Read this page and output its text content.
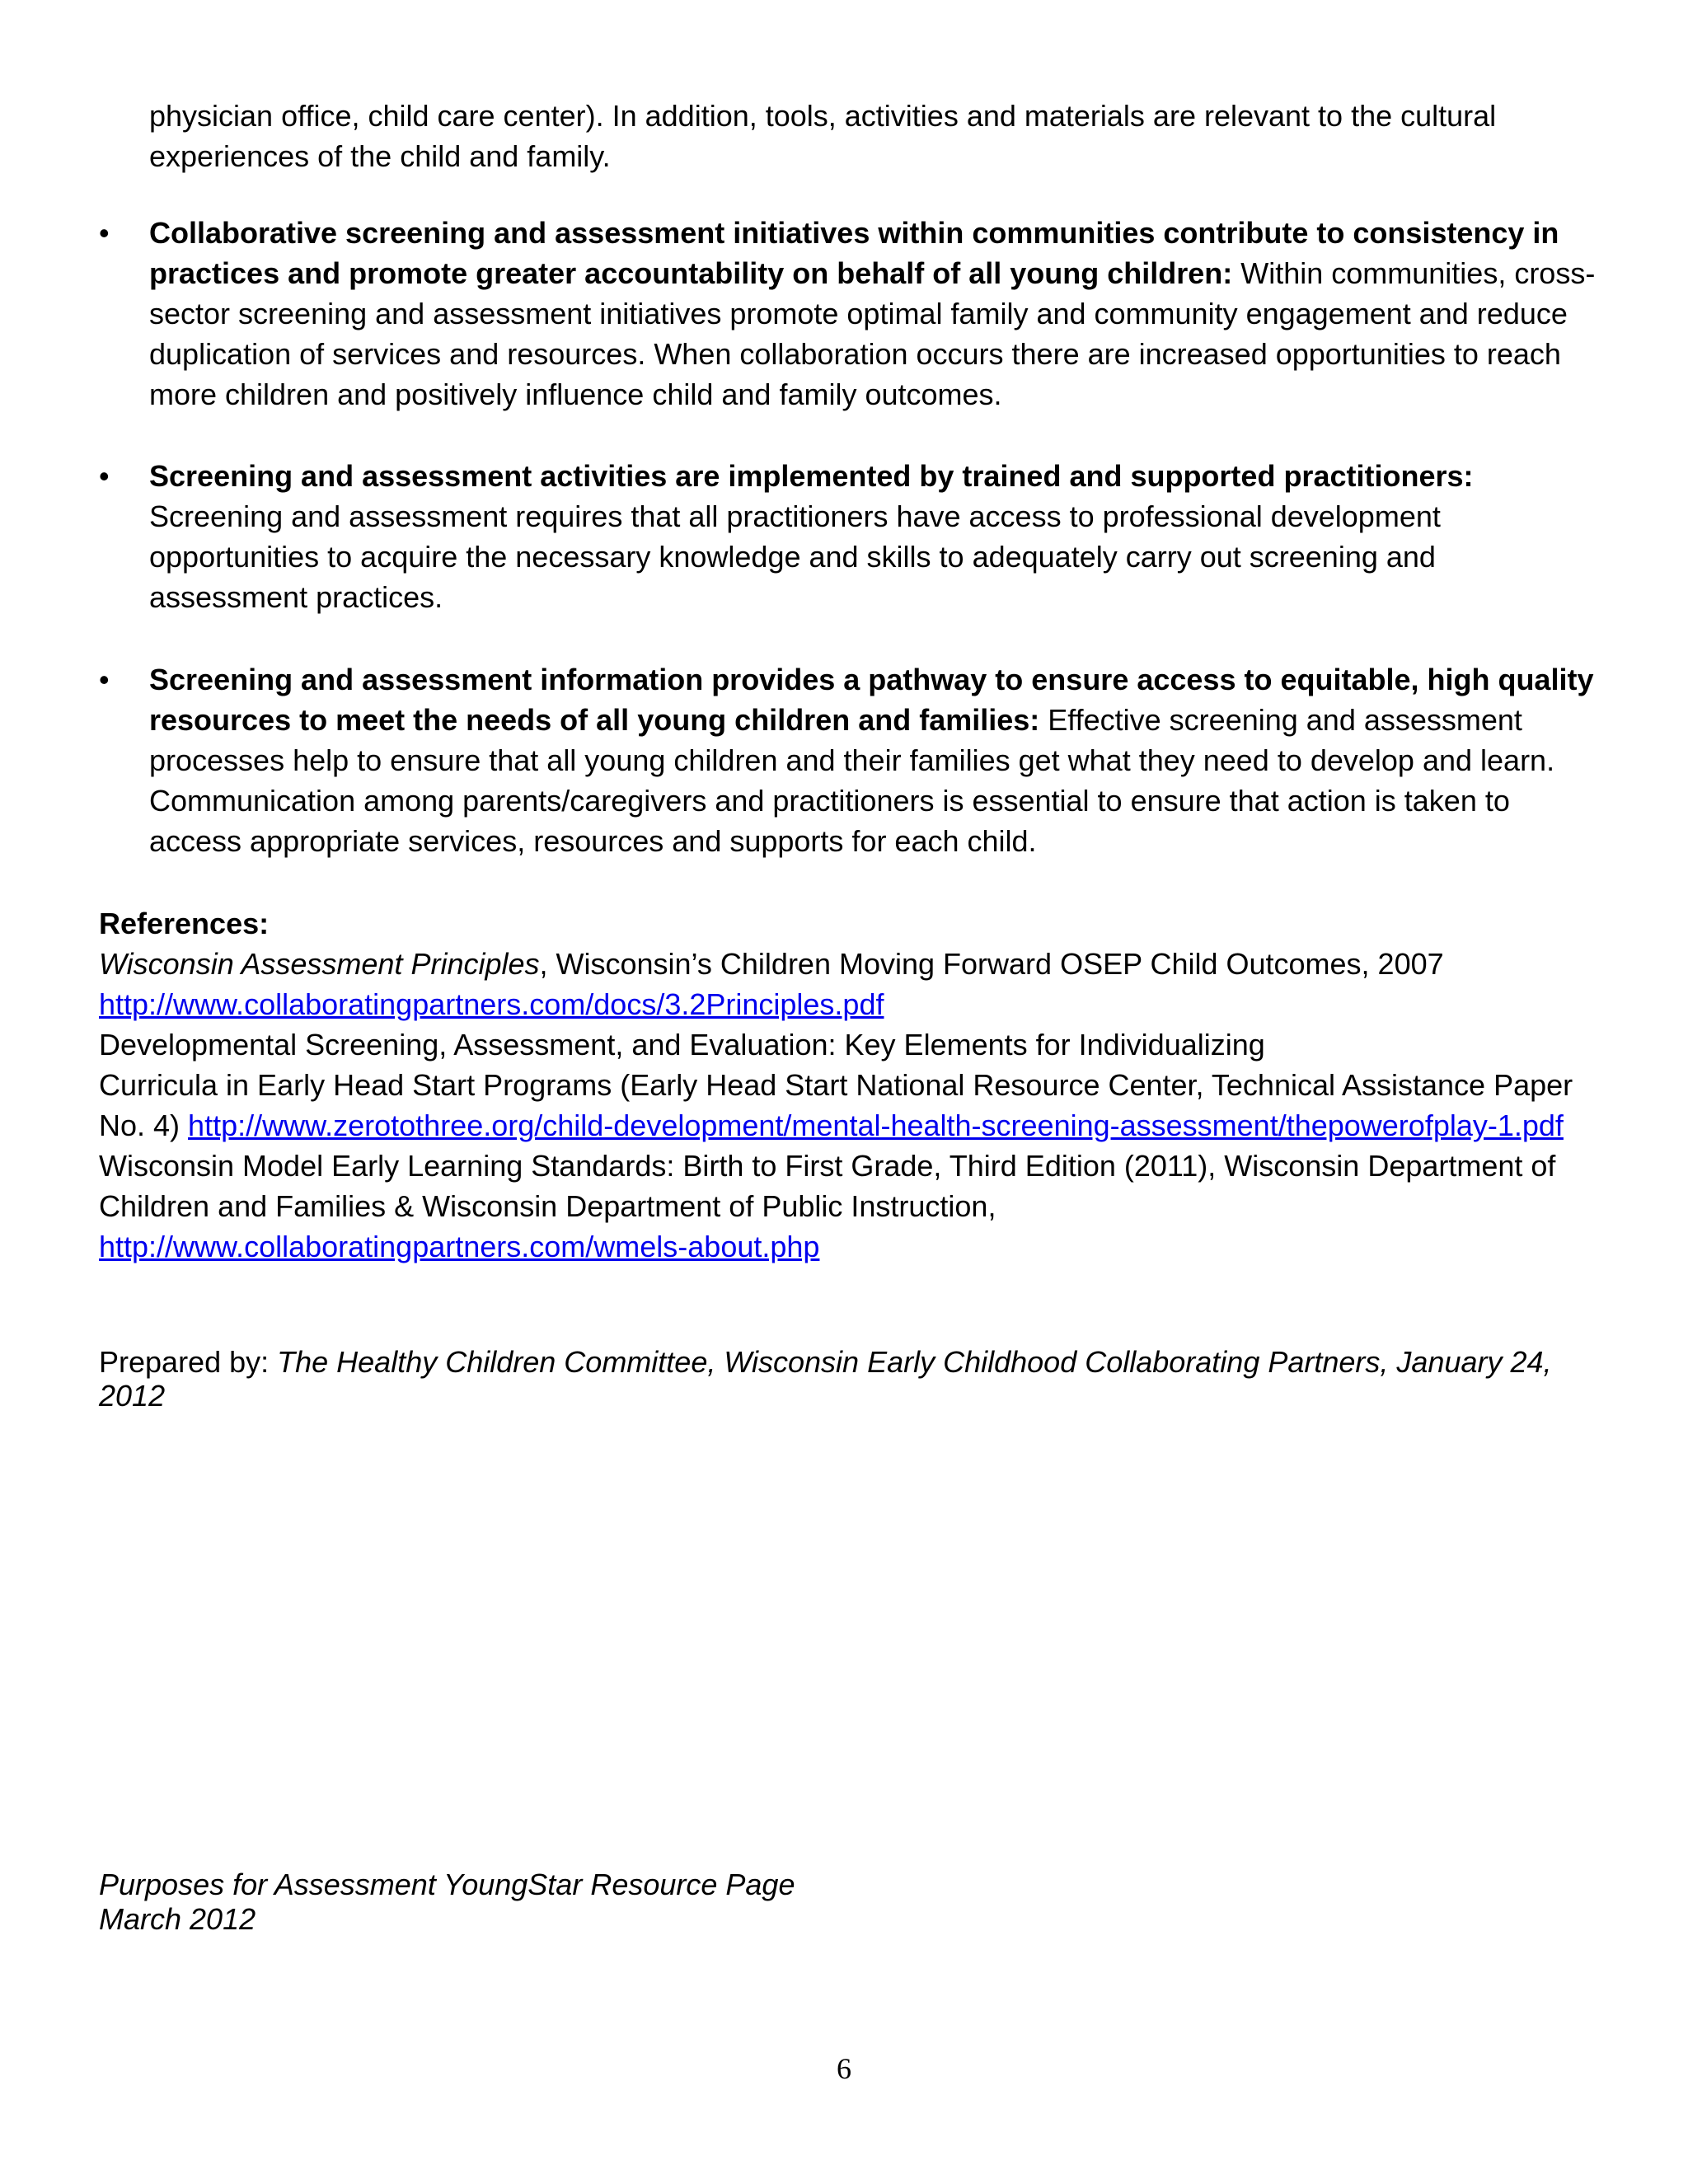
physician office, child care center). In addition, tools, activities and materials are relevant to the cultural experiences of the child and family.

•	Collaborative screening and assessment initiatives within communities contribute to consistency in practices and promote greater accountability on behalf of all young children: Within communities, cross-sector screening and assessment initiatives promote optimal family and community engagement and reduce duplication of services and resources. When collaboration occurs there are increased opportunities to reach more children and positively influence child and family outcomes.
•	Screening and assessment activities are implemented by trained and supported practitioners: Screening and assessment requires that all practitioners have access to professional development opportunities to acquire the necessary knowledge and skills to adequately carry out screening and assessment practices.
•	Screening and assessment information provides a pathway to ensure access to equitable, high quality resources to meet the needs of all young children and families: Effective screening and assessment processes help to ensure that all young children and their families get what they need to develop and learn. Communication among parents/caregivers and practitioners is essential to ensure that action is taken to access appropriate services, resources and supports for each child.
References:
Wisconsin Assessment Principles, Wisconsin’s Children Moving Forward OSEP Child Outcomes, 2007
http://www.collaboratingpartners.com/docs/3.2Principles.pdf
Developmental Screening, Assessment, and Evaluation: Key Elements for Individualizing
Curricula in Early Head Start Programs (Early Head Start National Resource Center, Technical Assistance Paper No. 4) http://www.zerotothree.org/child-development/mental-health-screening-assessment/thepowerofplay-1.pdf
Wisconsin Model Early Learning Standards: Birth to First Grade, Third Edition (2011), Wisconsin Department of Children and Families & Wisconsin Department of Public Instruction,
http://www.collaboratingpartners.com/wmels-about.php
Prepared by: The Healthy Children Committee, Wisconsin Early Childhood Collaborating Partners, January 24, 2012
Purposes for Assessment YoungStar Resource Page
March 2012
6
